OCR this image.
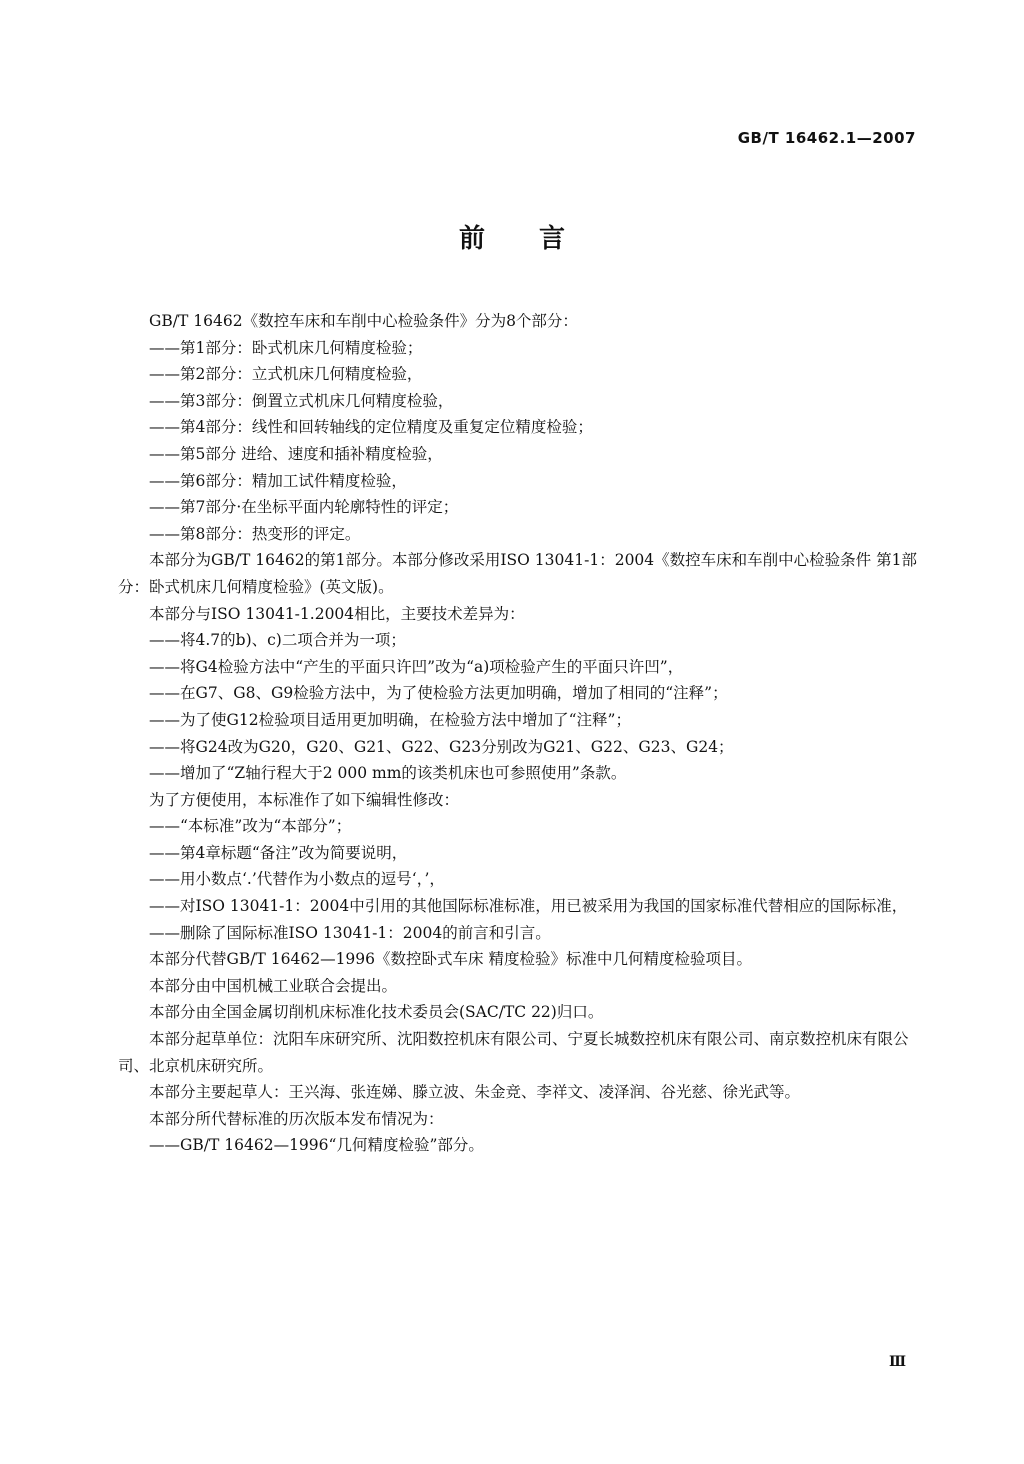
GB/T 16462.1—2007
前言

GB/T 16462《数控车床和车削中心检验条件》分为8个部分：

——第1部分：卧式机床几何精度检验；

——第2部分：立式机床几何精度检验，

——第3部分：倒置立式机床几何精度检验，

——第4部分：线性和回转轴线的定位精度及重复定位精度检验；

——第5部分 进给、速度和插补精度检验，

——第6部分：精加工试件精度检验，

——第7部分·在坐标平面内轮廓特性的评定；

——第8部分：热变形的评定。

本部分为GB/T 16462的第1部分。本部分修改采用ISO 13041-1：2004《数控车床和车削中心检验条件 第1部分：卧式机床几何精度检验》(英文版)。

本部分与ISO 13041-1.2004相比，主要技术差异为：

——将4.7的b)、c)二项合并为一项；

——将G4检验方法中“产生的平面只许凹”改为“a)项检验产生的平面只许凹”，

——在G7、G8、G9检验方法中，为了使检验方法更加明确，增加了相同的“注释”；

——为了使G12检验项目适用更加明确，在检验方法中增加了“注释”；

——将G24改为G20，G20、G21、G22、G23分别改为G21、G22、G23、G24；

——增加了“Z轴行程大于2 000 mm的该类机床也可参照使用”条款。

为了方便使用，本标准作了如下编辑性修改：

——“本标准”改为“本部分”；

——第4章标题“备注”改为简要说明，

——用小数点‘.’代替作为小数点的逗号‘，’，

——对ISO 13041-1：2004中引用的其他国际标准标准，用已被采用为我国的国家标准代替相应的国际标准，

——删除了国际标准ISO 13041-1：2004的前言和引言。

本部分代替GB/T 16462—1996《数控卧式车床 精度检验》标准中几何精度检验项目。

本部分由中国机械工业联合会提出。

本部分由全国金属切削机床标准化技术委员会(SAC/TC 22)归口。

本部分起草单位：沈阳车床研究所、沈阳数控机床有限公司、宁夏长城数控机床有限公司、南京数控机床有限公司、北京机床研究所。

本部分主要起草人：王兴海、张连娣、滕立波、朱金竞、李祥文、凌泽润、谷光慈、徐光武等。

本部分所代替标准的历次版本发布情况为：

——GB/T 16462—1996“几何精度检验”部分。

Ⅲ
